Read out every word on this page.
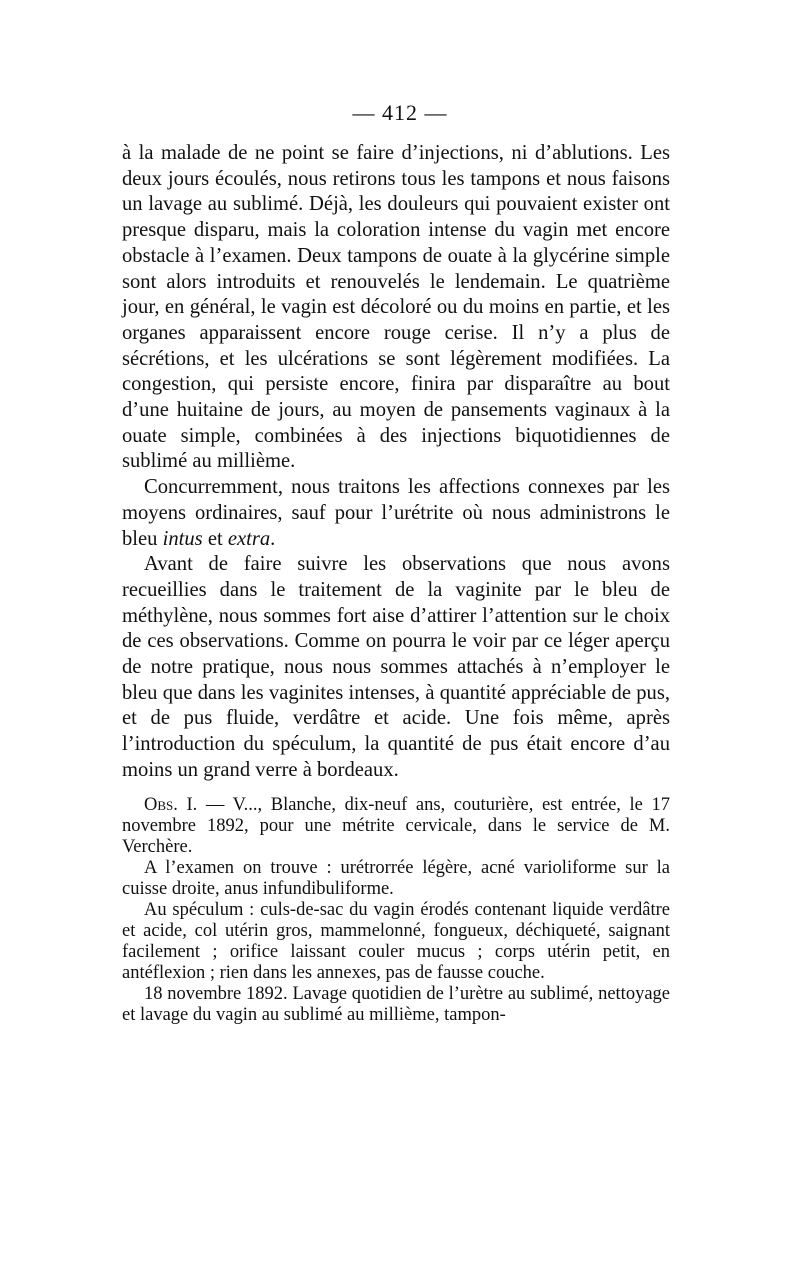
— 412 —

à la malade de ne point se faire d’injections, ni d’ablutions. Les deux jours écoulés, nous retirons tous les tampons et nous faisons un lavage au sublimé. Déjà, les douleurs qui pouvaient exister ont presque disparu, mais la coloration intense du vagin met encore obstacle à l’examen. Deux tampons de ouate à la glycérine simple sont alors introduits et renouvelés le lendemain. Le quatrième jour, en général, le vagin est décoloré ou du moins en partie, et les organes apparaissent encore rouge cerise. Il n’y a plus de sécrétions, et les ulcérations se sont légèrement modifiées. La congestion, qui persiste encore, finira par disparaître au bout d’une huitaine de jours, au moyen de pansements vaginaux à la ouate simple, combinées à des injections biquotidiennes de sublimé au millième.

Concurremment, nous traitons les affections connexes par les moyens ordinaires, sauf pour l’urétrite où nous administrons le bleu intus et extra.

Avant de faire suivre les observations que nous avons recueillies dans le traitement de la vaginite par le bleu de méthylène, nous sommes fort aise d’attirer l’attention sur le choix de ces observations. Comme on pourra le voir par ce léger aperçu de notre pratique, nous nous sommes attachés à n’employer le bleu que dans les vaginites intenses, à quantité appréciable de pus, et de pus fluide, verdâtre et acide. Une fois même, après l’introduction du spéculum, la quantité de pus était encore d’au moins un grand verre à bordeaux.

Obs. I. — V..., Blanche, dix-neuf ans, couturière, est entrée, le 17 novembre 1892, pour une métrite cervicale, dans le service de M. Verchère.

A l’examen on trouve : urétrorrée légère, acné varioliforme sur la cuisse droite, anus infundibuliforme.

Au spéculum : culs-de-sac du vagin érodés contenant liquide verdâtre et acide, col utérin gros, mammelonné, fongueux, déchiqueté, saignant facilement ; orifice laissant couler mucus ; corps utérin petit, en antéflexion ; rien dans les annexes, pas de fausse couche.

18 novembre 1892. Lavage quotidien de l’urètre au sublimé, nettoyage et lavage du vagin au sublimé au millième, tampon-
